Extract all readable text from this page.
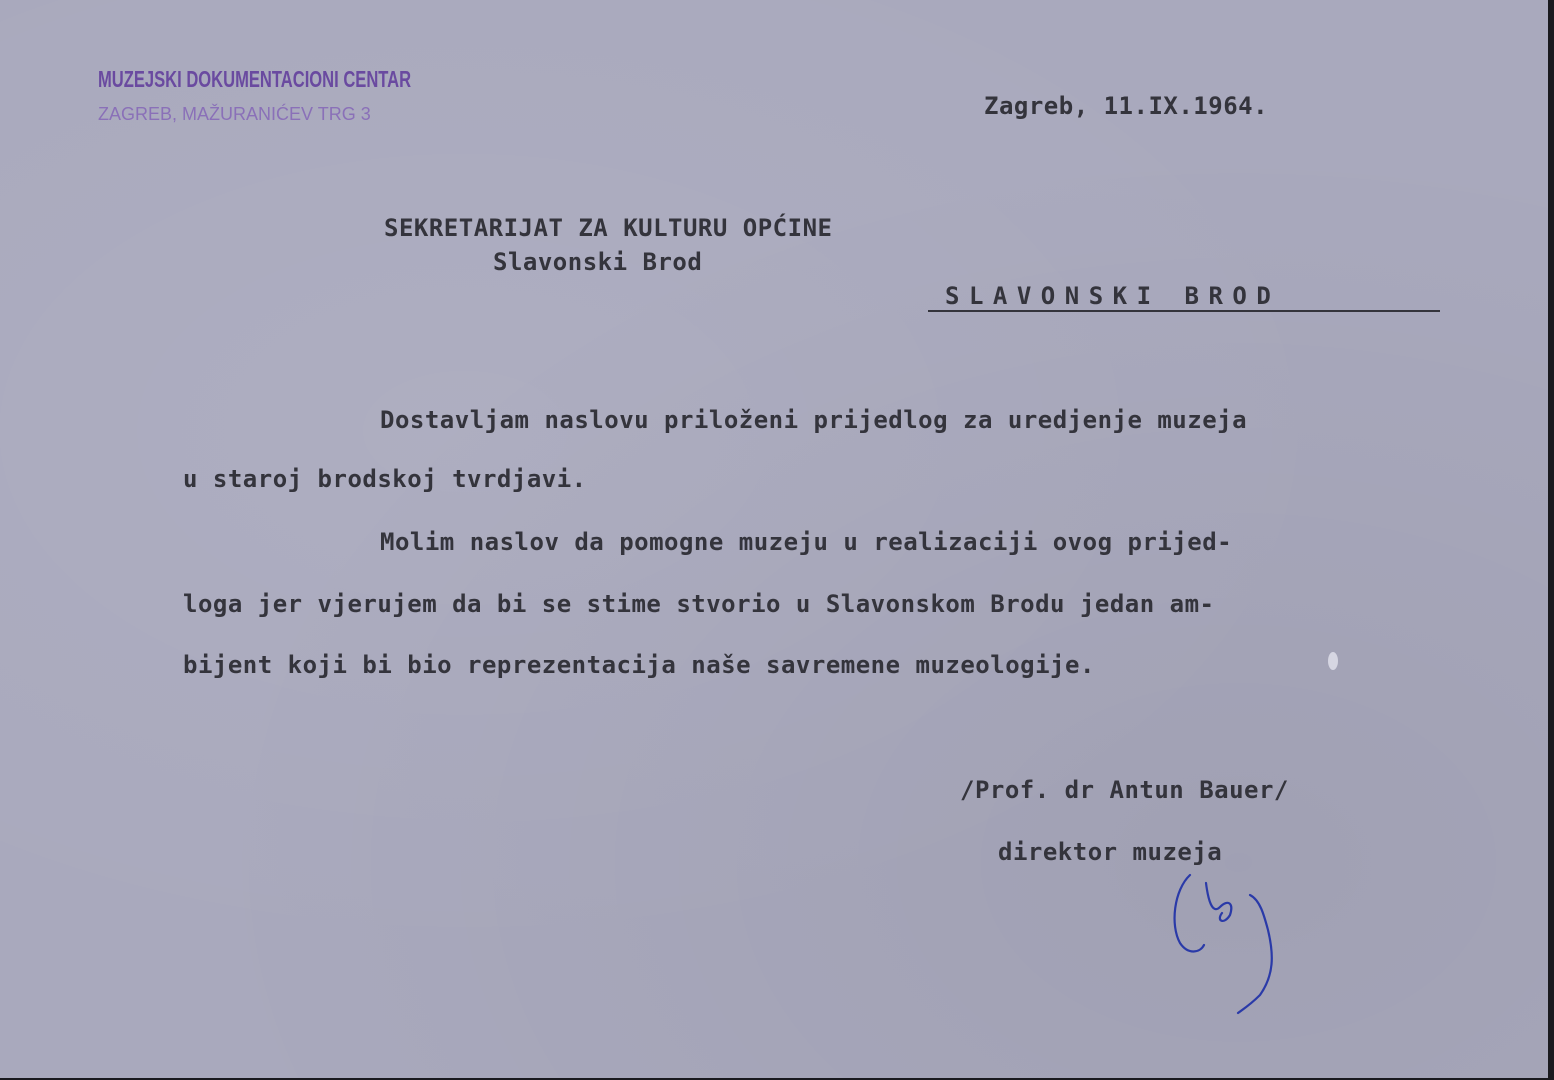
MUZEJSKI DOKUMENTACIONI CENTAR
ZAGREB, MAŽURANIĆEV TRG 3	Zagreb, 11.IX.1964.
SEKRETARIJAT ZA KULTURU OPĆINE
Slavonski Brod
SLAVONSKI BROD
Dostavljam naslovu priloženi prijedlog za uredjenje muzeja
u staroj brodskoj tvrdjavi.
Molim naslov da pomogne muzeju u realizaciji ovog prijed-
loga jer vjerujem da bi se stime stvorio u Slavonskom Brodu jedan am-
bijent koji bi bio reprezentacija naše savremene muzeologije.
/Prof. dr Antun Bauer/
direktor muzeja
